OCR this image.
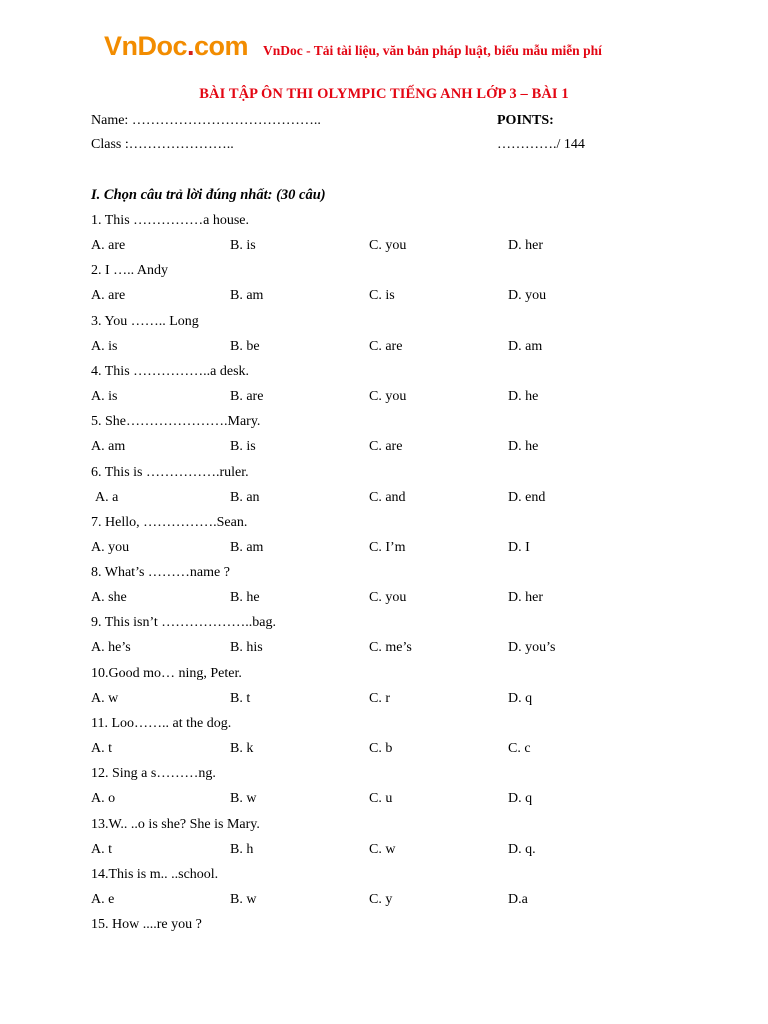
VnDoc.com VnDoc - Tải tài liệu, văn bản pháp luật, biểu mẫu miễn phí
BÀI TẬP ÔN THI OLYMPIC TIẾNG ANH LỚP 3 – BÀI 1
Name: …………………………………..	POINTS:
Class :…………………..	…………./ 144
I. Chọn câu trả lời đúng nhất: (30 câu)
1. This ……………a house.
A. are	B. is	C. you	D. her
2. I ….. Andy
A. are	B. am	C. is	D. you
3. You …….. Long
A. is	B. be	C. are	D. am
4. This ……………..a desk.
A. is	B. are	C. you	D. he
5. She………………….Mary.
A. am	B. is	C. are	D. he
6. This is …………….ruler.
A. a	B. an	C. and	D. end
7. Hello, …………….Sean.
A. you	B. am	C. I’m	D. I
8. What’s ………name ?
A. she	B. he	C. you	D. her
9. This isn’t ………………..bag.
A. he’s	B. his	C. me’s	D. you’s
10.Good mo… ning, Peter.
A. w	B. t	C. r	D. q
11. Loo…….. at the dog.
A. t	B. k	C. b	C. c
12. Sing a s………ng.
A. o	B. w	C. u	D. q
13.W.. ..o is she? She is Mary.
A. t	B. h	C. w	D. q.
14.This is m.. ..school.
A. e	B. w	C. y	D.a
15. How ....re you ?
